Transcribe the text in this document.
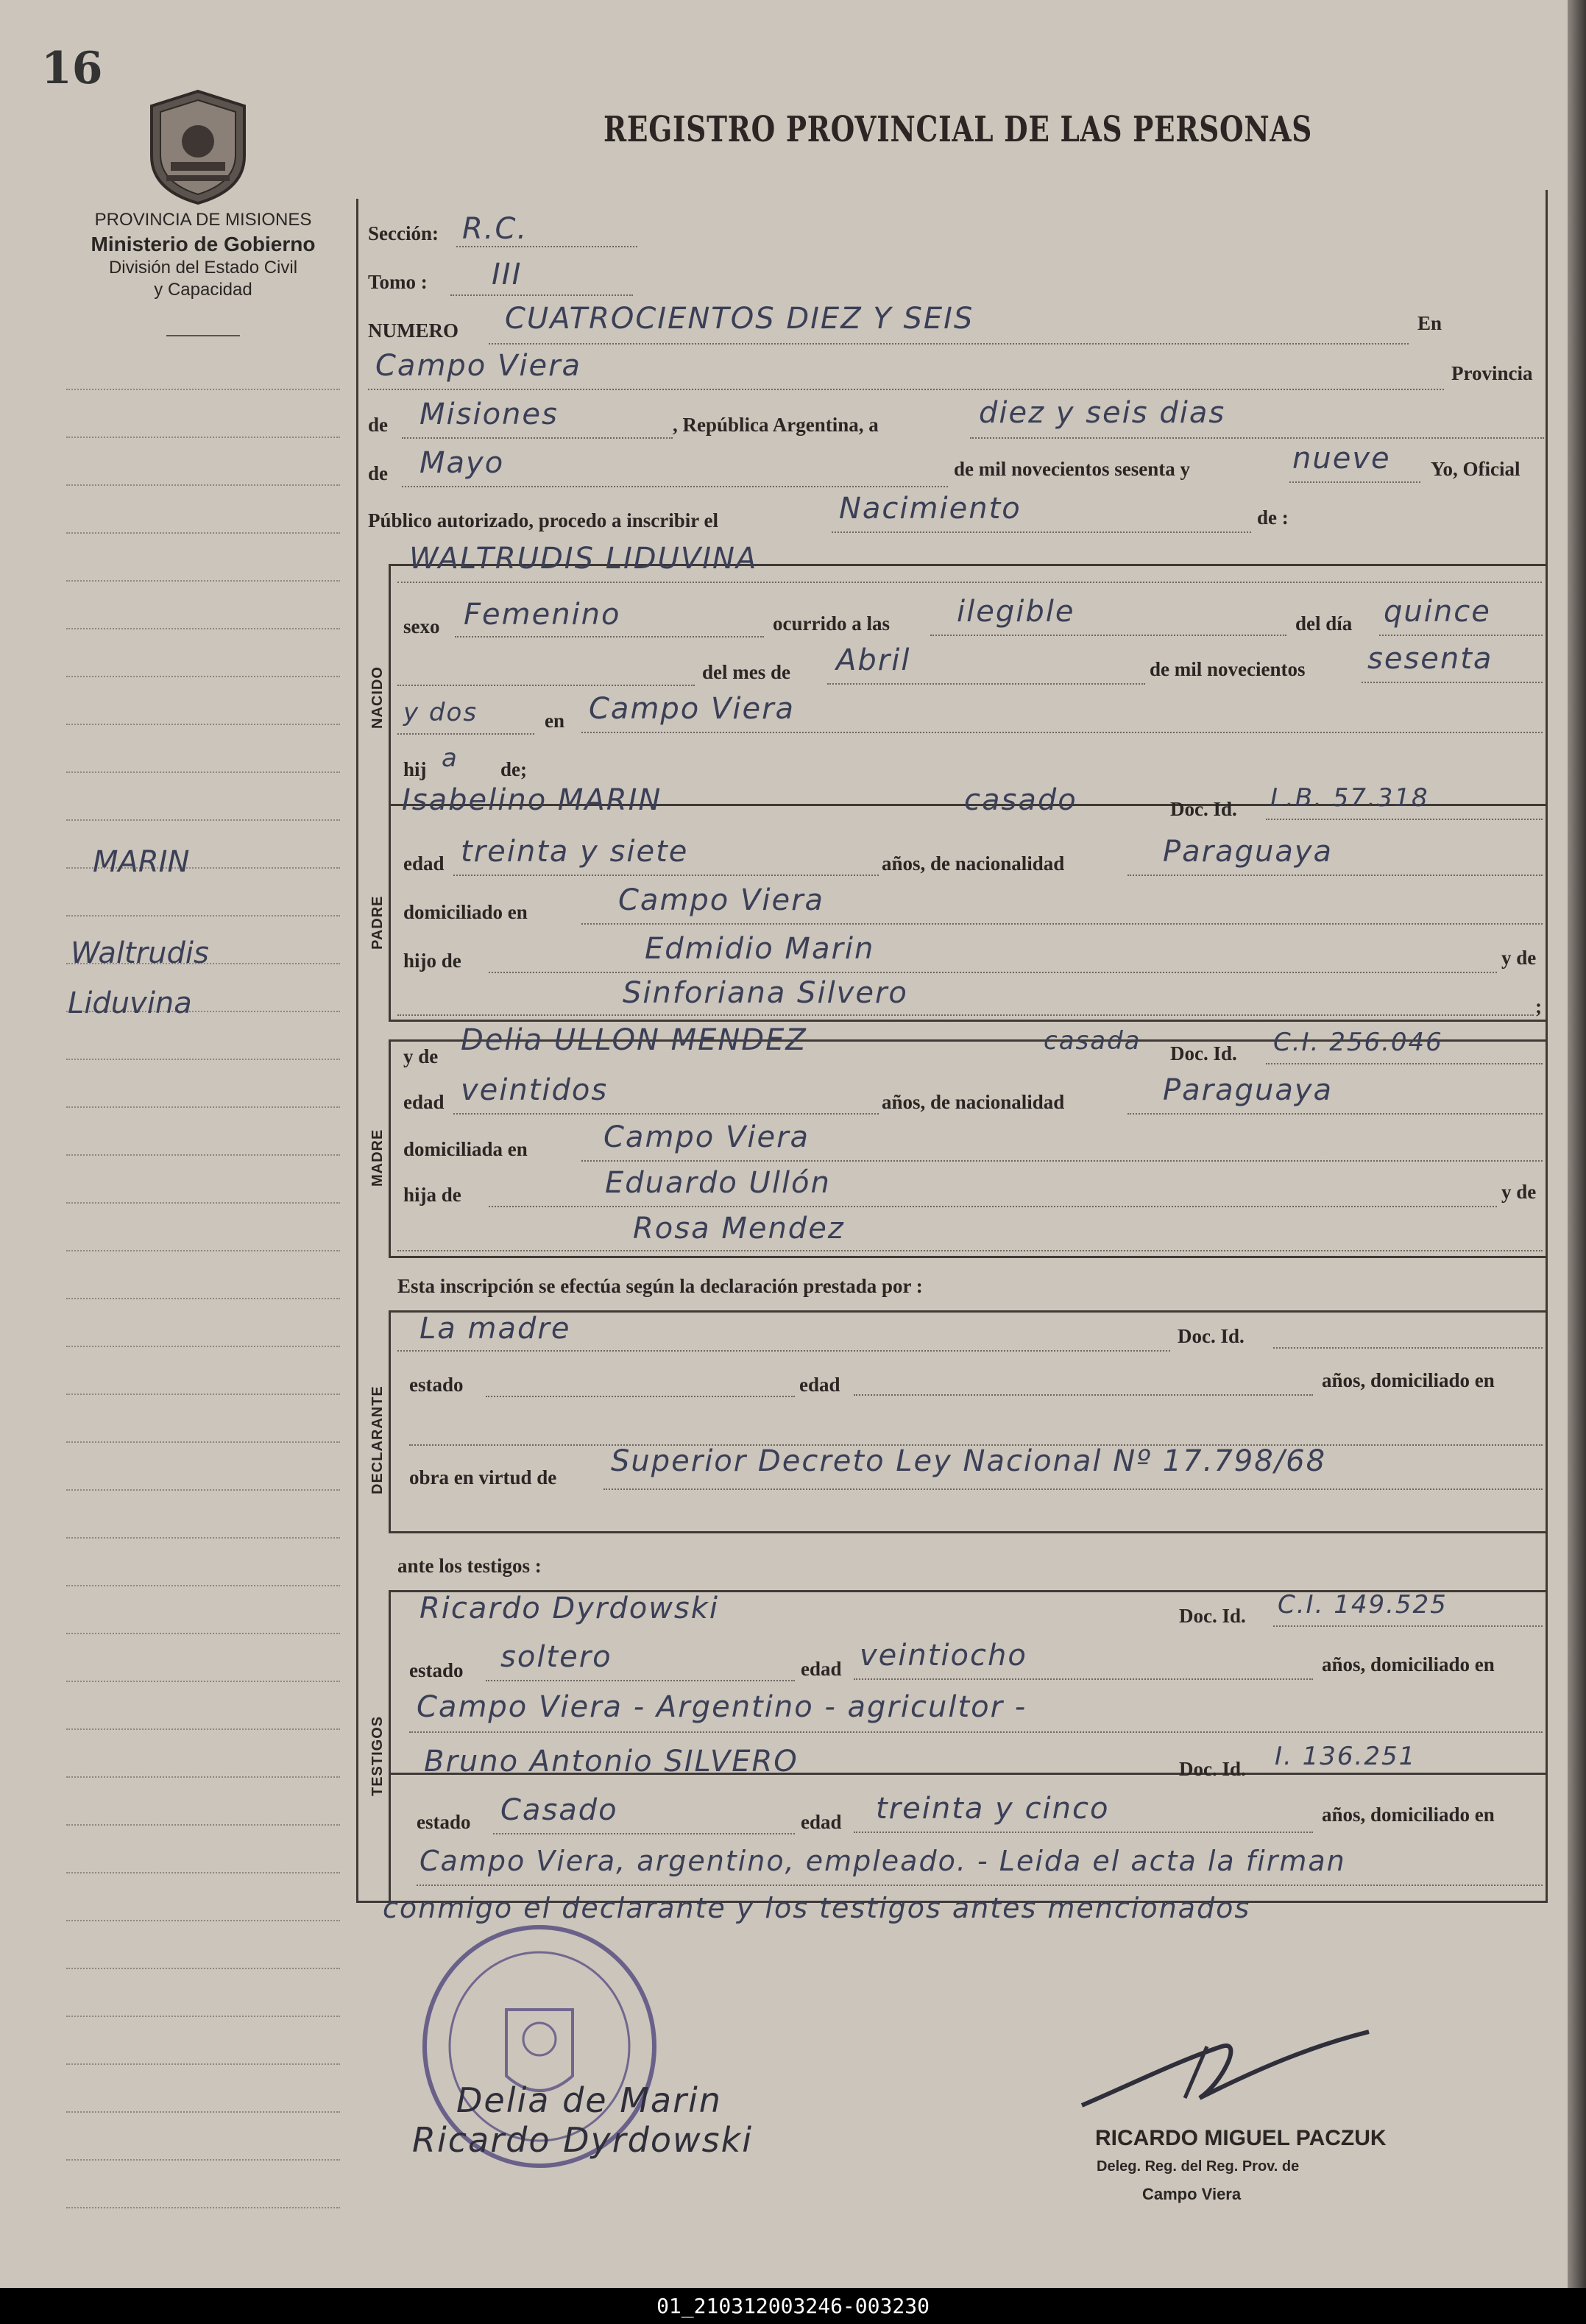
16
PROVINCIA DE MISIONES
Ministerio de Gobierno
División del Estado Civil
y Capacidad
REGISTRO PROVINCIAL DE LAS PERSONAS
MARIN
Waltrudis
Liduvina
NACIDO
PADRE
MADRE
DECLARANTE
TESTIGOS
Sección: R.C.
Tomo : III
NUMERO CUATROCIENTOS DIEZ Y SEIS	En
Campo Viera	Provincia
de Misiones	, República Argentina, a	diez y seis dias
de Mayo	de mil novecientos sesenta y	nueve Yo, Oficial
Público autorizado, procedo a inscribir el	Nacimiento	de :
WALTRUDIS LIDUVINA
sexo Femenino	ocurrido a las ilegible	del día quince
del mes de Abril	de mil novecientos sesenta
y dos	en Campo Viera
hij a de;
Isabelino MARIN	casado	Doc. Id. L.B. 57.318
edad treinta y siete	años, de nacionalidad	Paraguaya
domiciliado en	Campo Viera
hijo de	Edmidio Marin	y de
Sinforiana Silvero	;
y de Delia ULLON MENDEZ	casada Doc. Id. C.I. 256.046
edad veintidos	años, de nacionalidad	Paraguaya
domiciliada en	Campo Viera
hija de	Eduardo Ullón	y de
Rosa Mendez
Esta inscripción se efectúa según la declaración prestada por :
La madre	Doc. Id.
estado	edad	años, domiciliado en
obra en virtud de Superior Decreto Ley Nacional Nº 17.798/68
ante los testigos :
Ricardo Dyrdowski	Doc. Id. C.I. 149.525
estado soltero	edad veintiocho	años, domiciliado en
Campo Viera - Argentino - agricultor -
Bruno Antonio SILVERO	Doc. Id. I. 136.251
estado Casado	edad treinta y cinco	años, domiciliado en
Campo Viera, argentino, empleado. - Leida el acta la firman
conmigo el declarante y los testigos antes mencionados
RICARDO MIGUEL PACZUK
Deleg. Reg. del Reg. Prov. de
Campo Viera
Delia de Marin
Ricardo Dyrdowski
01_210312003246-003230
